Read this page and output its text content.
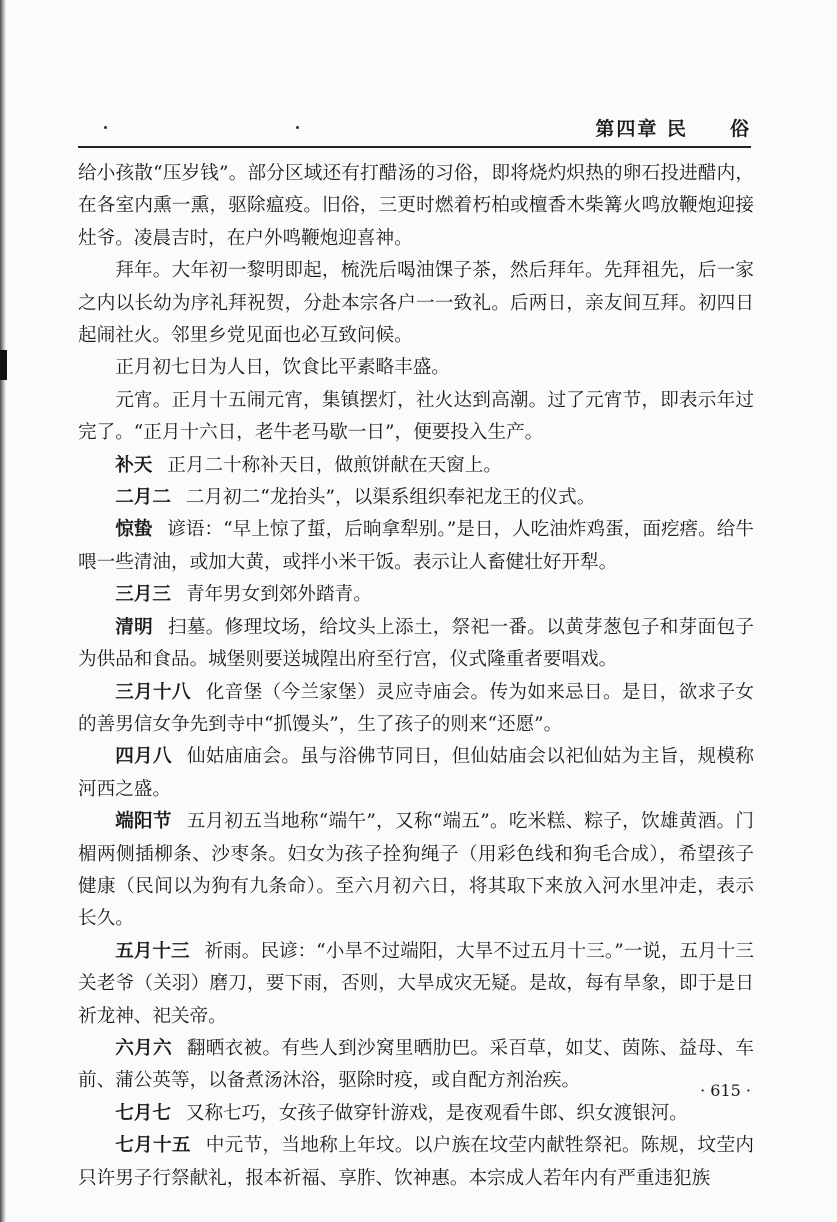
第四章 民　　俗

给小孩散“压岁钱”。部分区域还有打醋汤的习俗，即将烧灼炽热的卵石投进醋内，在各室内熏一熏，驱除瘟疫。旧俗，三更时燃着朽柏或檀香木柴篝火鸣放鞭炮迎接灶爷。凌晨吉时，在户外鸣鞭炮迎喜神。

拜年。大年初一黎明即起，梳洗后喝油馃子茶，然后拜年。先拜祖先，后一家之内以长幼为序礼拜祝贺，分赴本宗各户一一致礼。后两日，亲友间互拜。初四日起闹社火。邻里乡党见面也必互致问候。

正月初七日为人日，饮食比平素略丰盛。

元宵。正月十五闹元宵，集镇摆灯，社火达到高潮。过了元宵节，即表示年过完了。“正月十六日，老牛老马歇一日”，便要投入生产。

补天 正月二十称补天日，做煎饼献在天窗上。

二月二 二月初二“龙抬头”，以渠系组织奉祀龙王的仪式。

惊蛰 谚语：“早上惊了蜇，后晌拿犁别。”是日，人吃油炸鸡蛋，面疙瘩。给牛喂一些清油，或加大黄，或拌小米干饭。表示让人畜健壮好开犁。

三月三 青年男女到郊外踏青。

清明 扫墓。修理坟场，给坟头上添土，祭祀一番。以黄芽葱包子和芽面包子为供品和食品。城堡则要送城隍出府至行宫，仪式隆重者要唱戏。

三月十八 化音堡（今兰家堡）灵应寺庙会。传为如来忌日。是日，欲求子女的善男信女争先到寺中“抓馒头”，生了孩子的则来“还愿”。

四月八 仙姑庙庙会。虽与浴佛节同日，但仙姑庙会以祀仙姑为主旨，规模称河西之盛。

端阳节 五月初五当地称“端午”，又称“端五”。吃米糕、粽子，饮雄黄酒。门楣两侧插柳条、沙枣条。妇女为孩子拴狗绳子（用彩色线和狗毛合成），希望孩子健康（民间以为狗有九条命）。至六月初六日，将其取下来放入河水里冲走，表示长久。

五月十三 祈雨。民谚：“小旱不过端阳，大旱不过五月十三。”一说，五月十三关老爷（关羽）磨刀，要下雨，否则，大旱成灾无疑。是故，每有旱象，即于是日祈龙神、祀关帝。

六月六 翻晒衣被。有些人到沙窝里晒肋巴。采百草，如艾、茵陈、益母、车前、蒲公英等，以备煮汤沐浴，驱除时疫，或自配方剂治疾。

七月七 又称七巧，女孩子做穿针游戏，是夜观看牛郎、织女渡银河。

七月十五 中元节，当地称上年坟。以户族在坟茔内献牲祭祀。陈规，坟茔内只许男子行祭献礼，报本祈福、享胙、饮神惠。本宗成人若年内有严重违犯族

· 615 ·
